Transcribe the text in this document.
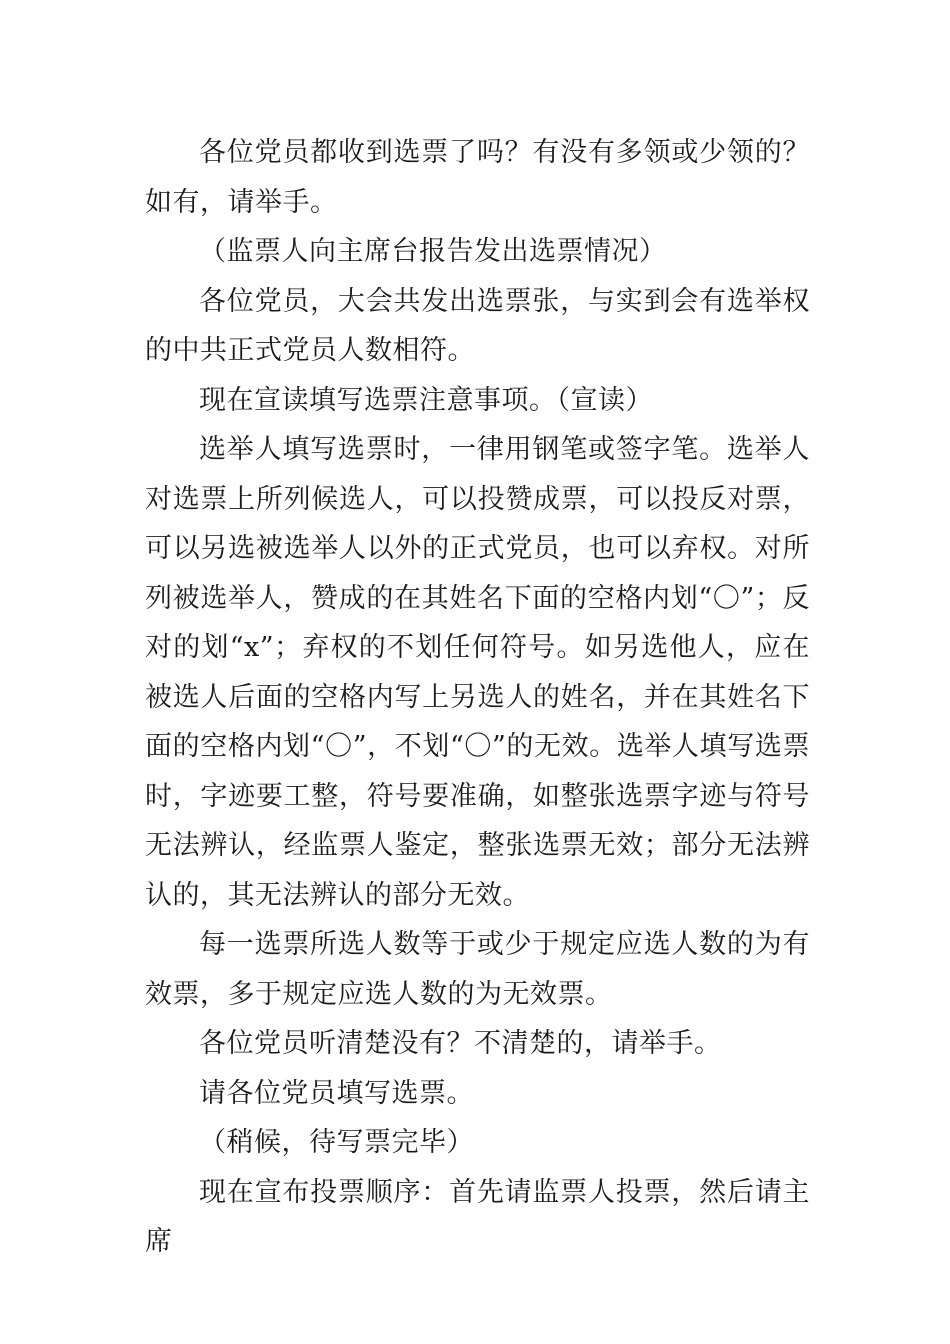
各位党员都收到选票了吗？有没有多领或少领的？如有，请举手。

（监票人向主席台报告发出选票情况）

各位党员，大会共发出选票张，与实到会有选举权的中共正式党员人数相符。

现在宣读填写选票注意事项。（宣读）

选举人填写选票时，一律用钢笔或签字笔。选举人对选票上所列候选人，可以投赞成票，可以投反对票，可以另选被选举人以外的正式党员，也可以弃权。对所列被选举人，赞成的在其姓名下面的空格内划“〇”；反对的划“x”；弃权的不划任何符号。如另选他人，应在被选人后面的空格内写上另选人的姓名，并在其姓名下面的空格内划“〇”，不划“〇”的无效。选举人填写选票时，字迹要工整，符号要准确，如整张选票字迹与符号无法辨认，经监票人鉴定，整张选票无效；部分无法辨认的，其无法辨认的部分无效。

每一选票所选人数等于或少于规定应选人数的为有效票，多于规定应选人数的为无效票。

各位党员听清楚没有？不清楚的，请举手。

请各位党员填写选票。

（稍候，待写票完毕）

现在宣布投票顺序：首先请监票人投票，然后请主席
